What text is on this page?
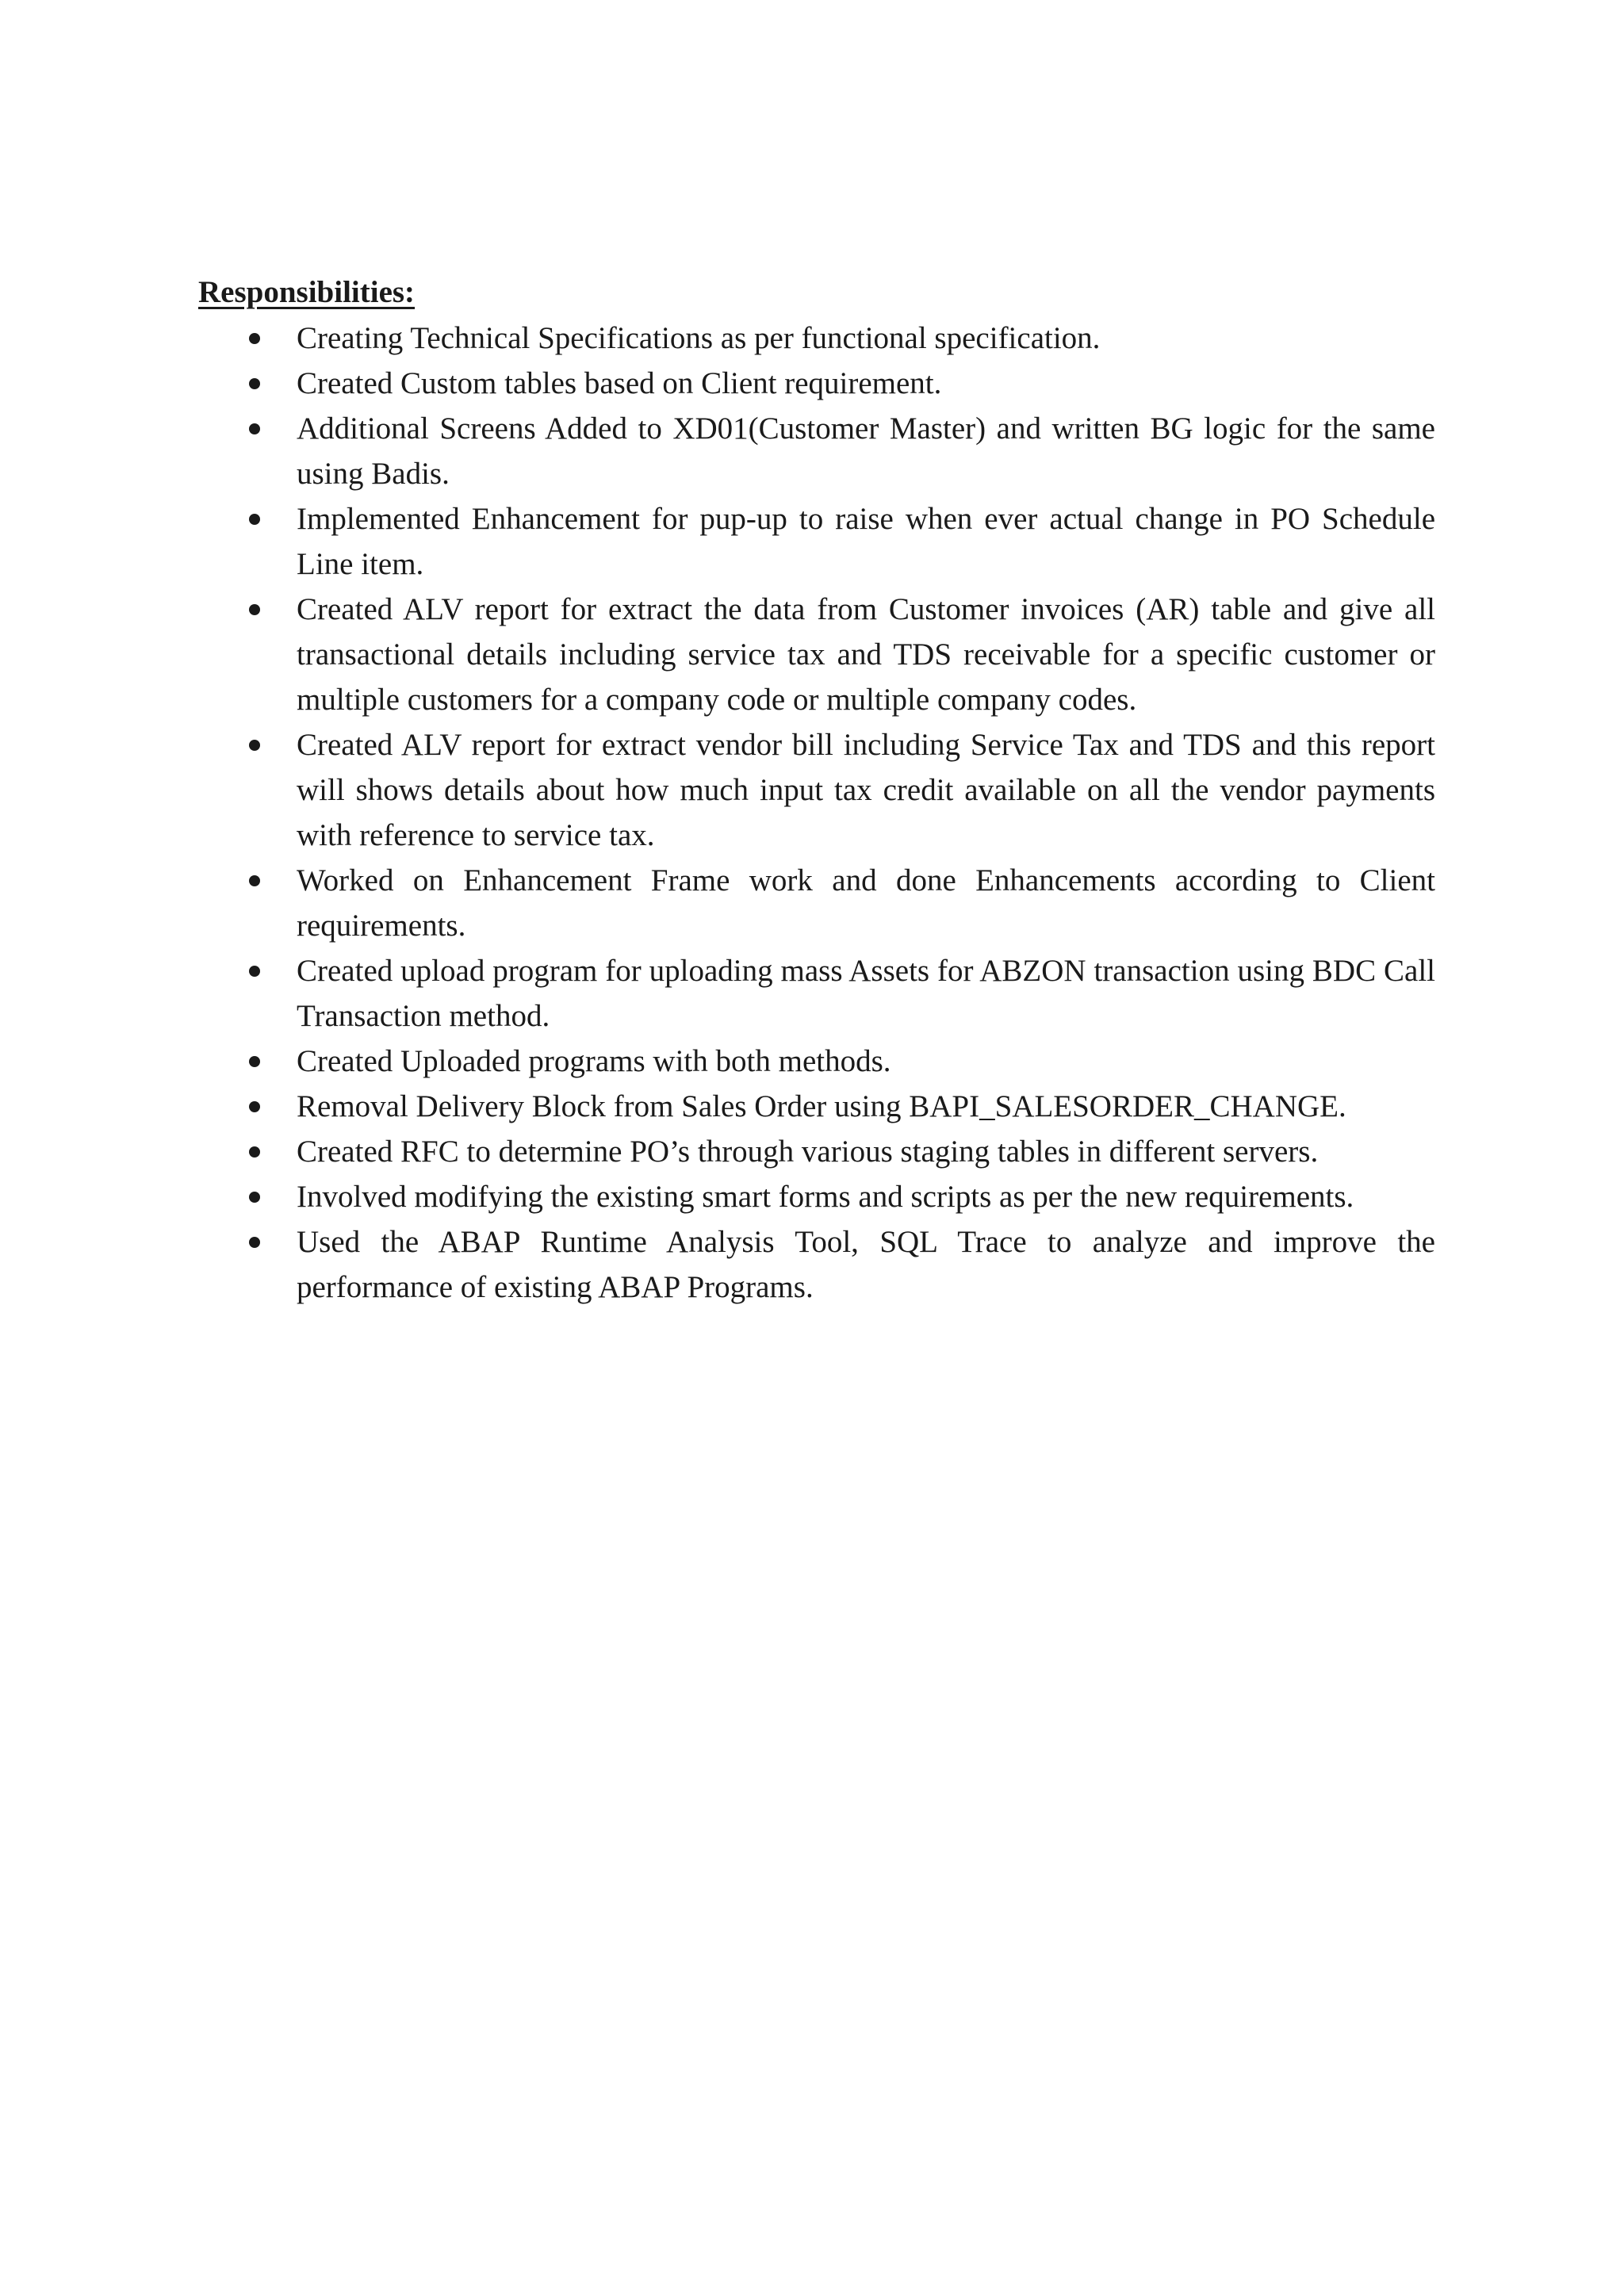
Responsibilities:
Creating Technical Specifications as per functional specification.
Created Custom tables based on Client requirement.
Additional Screens Added to XD01(Customer Master) and written BG logic for the same using Badis.
Implemented Enhancement for pup-up to raise when ever actual change in PO Schedule Line item.
Created ALV report for extract the data from Customer invoices (AR) table and give all transactional details including service tax and TDS receivable for a specific customer or multiple customers for a company code or multiple company codes.
Created ALV report for extract vendor bill including Service Tax and TDS and this report will shows details about how much input tax credit available on all the vendor payments with reference to service tax.
Worked on Enhancement Frame work and done Enhancements according to Client requirements.
Created upload program for uploading mass Assets for ABZON transaction using BDC Call Transaction method.
Created Uploaded programs with both methods.
Removal Delivery Block from Sales Order using BAPI_SALESORDER_CHANGE.
Created RFC to determine PO’s through various staging tables in different servers.
Involved modifying the existing smart forms and scripts as per the new requirements.
Used the ABAP Runtime Analysis Tool, SQL Trace to analyze and improve the performance of existing ABAP Programs.
